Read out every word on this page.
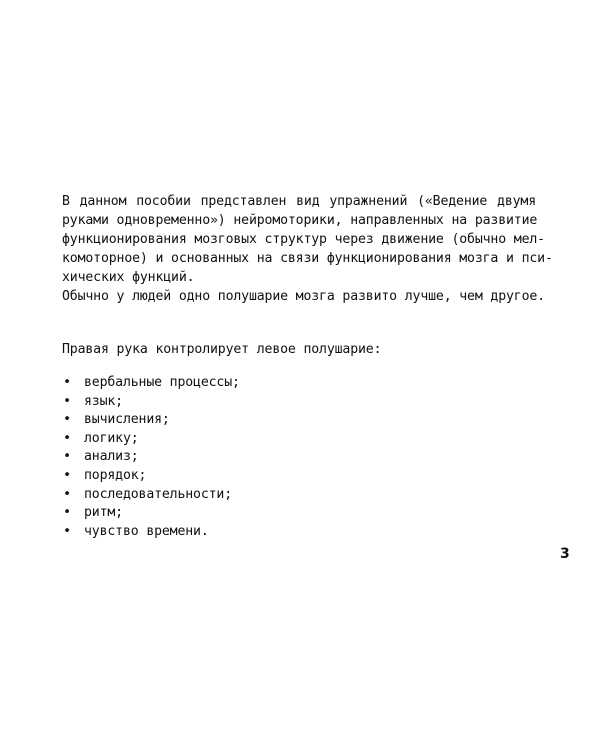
В данном пособии представлен вид упражнений («Ведение двумя
руками одновременно») нейромоторики, направленных на развитие
функционирования мозговых структур через движение (обычно мел-
комоторное) и основанных на связи функционирования мозга и пси-
хических функций.

Обычно у людей одно полушарие мозга развито лучше, чем другое.

Правая рука контролирует левое полушарие:

• вербальные процессы;
• язык;
• вычисления;
• логику;
• анализ;
• порядок;
• последовательности;
• ритм;
• чувство времени.
3
